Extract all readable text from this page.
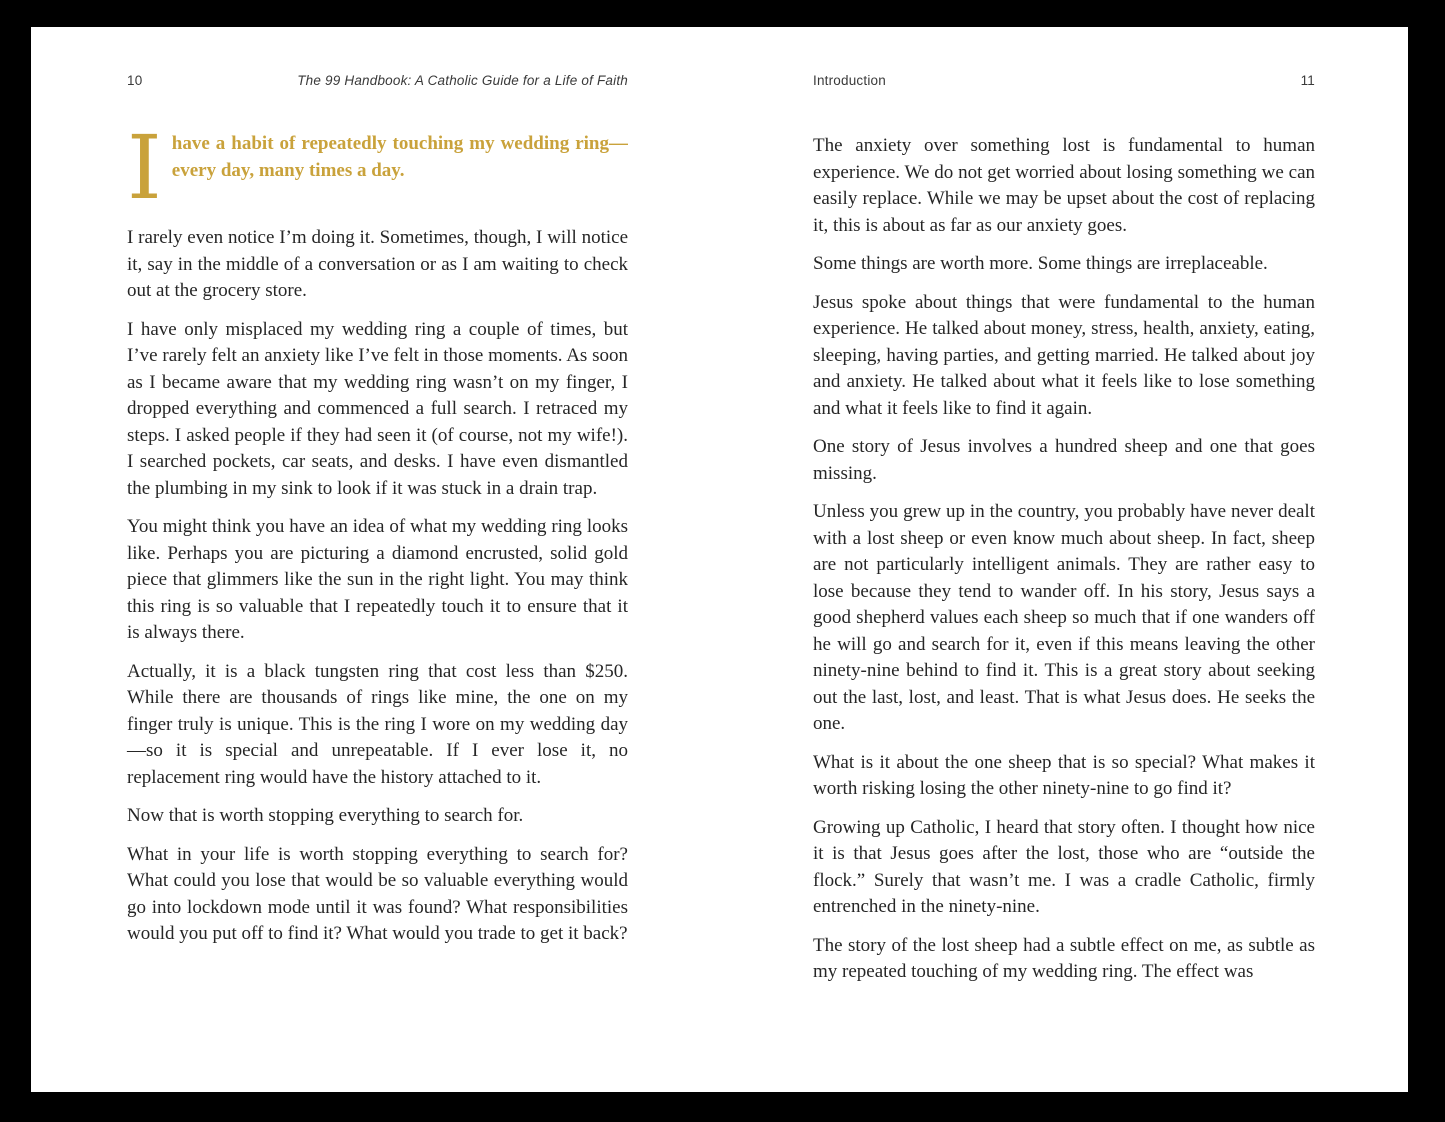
10	The 99 Handbook: A Catholic Guide for a Life of Faith
I have a habit of repeatedly touching my wedding ring—
every day, many times a day.

I rarely even notice I’m doing it. Sometimes, though, I will notice it, say in the middle of a conversation or as I am waiting to check out at the grocery store.

I have only misplaced my wedding ring a couple of times, but I’ve rarely felt an anxiety like I’ve felt in those moments. As soon as I became aware that my wedding ring wasn’t on my finger, I dropped everything and commenced a full search. I retraced my steps. I asked people if they had seen it (of course, not my wife!). I searched pockets, car seats, and desks. I have even dismantled the plumbing in my sink to look if it was stuck in a drain trap.

You might think you have an idea of what my wedding ring looks like. Perhaps you are picturing a diamond encrusted, solid gold piece that glimmers like the sun in the right light. You may think this ring is so valuable that I repeatedly touch it to ensure that it is always there.

Actually, it is a black tungsten ring that cost less than $250. While there are thousands of rings like mine, the one on my finger truly is unique. This is the ring I wore on my wedding day—so it is special and unrepeatable. If I ever lose it, no replacement ring would have the history attached to it.

Now that is worth stopping everything to search for.

What in your life is worth stopping everything to search for? What could you lose that would be so valuable everything would go into lockdown mode until it was found? What responsibilities would you put off to find it? What would you trade to get it back?

Introduction	11

The anxiety over something lost is fundamental to human experience. We do not get worried about losing something we can easily replace. While we may be upset about the cost of replacing it, this is about as far as our anxiety goes.

Some things are worth more. Some things are irreplaceable.

Jesus spoke about things that were fundamental to the human experience. He talked about money, stress, health, anxiety, eating, sleeping, having parties, and getting married. He talked about joy and anxiety. He talked about what it feels like to lose something and what it feels like to find it again.

One story of Jesus involves a hundred sheep and one that goes missing.

Unless you grew up in the country, you probably have never dealt with a lost sheep or even know much about sheep. In fact, sheep are not particularly intelligent animals. They are rather easy to lose because they tend to wander off. In his story, Jesus says a good shepherd values each sheep so much that if one wanders off he will go and search for it, even if this means leaving the other ninety-nine behind to find it. This is a great story about seeking out the last, lost, and least. That is what Jesus does. He seeks the one.

What is it about the one sheep that is so special? What makes it worth risking losing the other ninety-nine to go find it?

Growing up Catholic, I heard that story often. I thought how nice it is that Jesus goes after the lost, those who are “outside the flock.” Surely that wasn’t me. I was a cradle Catholic, firmly entrenched in the ninety-nine.

The story of the lost sheep had a subtle effect on me, as subtle as my repeated touching of my wedding ring. The effect was
